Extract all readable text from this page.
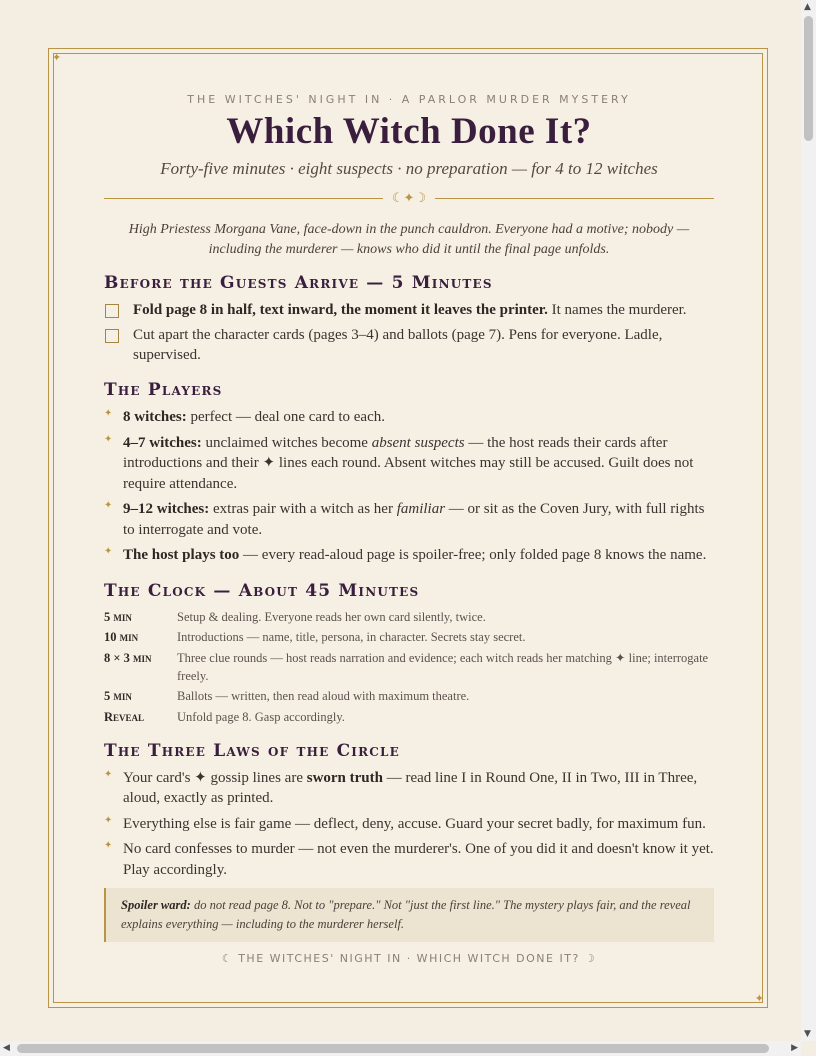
✦
✦
THE WITCHES' NIGHT IN · A PARLOR MURDER MYSTERY
Which Witch Done It?
Forty-five minutes · eight suspects · no preparation — for 4 to 12 witches
☾✦☽
High Priestess Morgana Vane, face-down in the punch cauldron. Everyone had a motive; nobody — including the murderer — knows who did it until the final page unfolds.
Before the Guests Arrive — 5 Minutes
Fold page 8 in half, text inward, the moment it leaves the printer. It names the murderer.
Cut apart the character cards (pages 3–4) and ballots (page 7). Pens for everyone. Ladle, supervised.
The Players
✦ 8 witches: perfect — deal one card to each.
✦ 4–7 witches: unclaimed witches become absent suspects — the host reads their cards after introductions and their ✦ lines each round. Absent witches may still be accused. Guilt does not require attendance.
✦ 9–12 witches: extras pair with a witch as her familiar — or sit as the Coven Jury, with full rights to interrogate and vote.
✦ The host plays too — every read-aloud page is spoiler-free; only folded page 8 knows the name.
The Clock — About 45 Minutes
5 min	Setup & dealing. Everyone reads her own card silently, twice.
10 min	Introductions — name, title, persona, in character. Secrets stay secret.
8 × 3 min	Three clue rounds — host reads narration and evidence; each witch reads her matching ✦ line; interrogate freely.
5 min	Ballots — written, then read aloud with maximum theatre.
Reveal	Unfold page 8. Gasp accordingly.
The Three Laws of the Circle
✦ Your card's ✦ gossip lines are sworn truth — read line I in Round One, II in Two, III in Three, aloud, exactly as printed.
✦ Everything else is fair game — deflect, deny, accuse. Guard your secret badly, for maximum fun.
✦ No card confesses to murder — not even the murderer's. One of you did it and doesn't know it yet. Play accordingly.
Spoiler ward: do not read page 8. Not to "prepare." Not "just the first line." The mystery plays fair, and the reveal explains everything — including to the murderer herself.
☾ THE WITCHES' NIGHT IN · WHICH WITCH DONE IT? ☽
▲
▼
◀	▶
